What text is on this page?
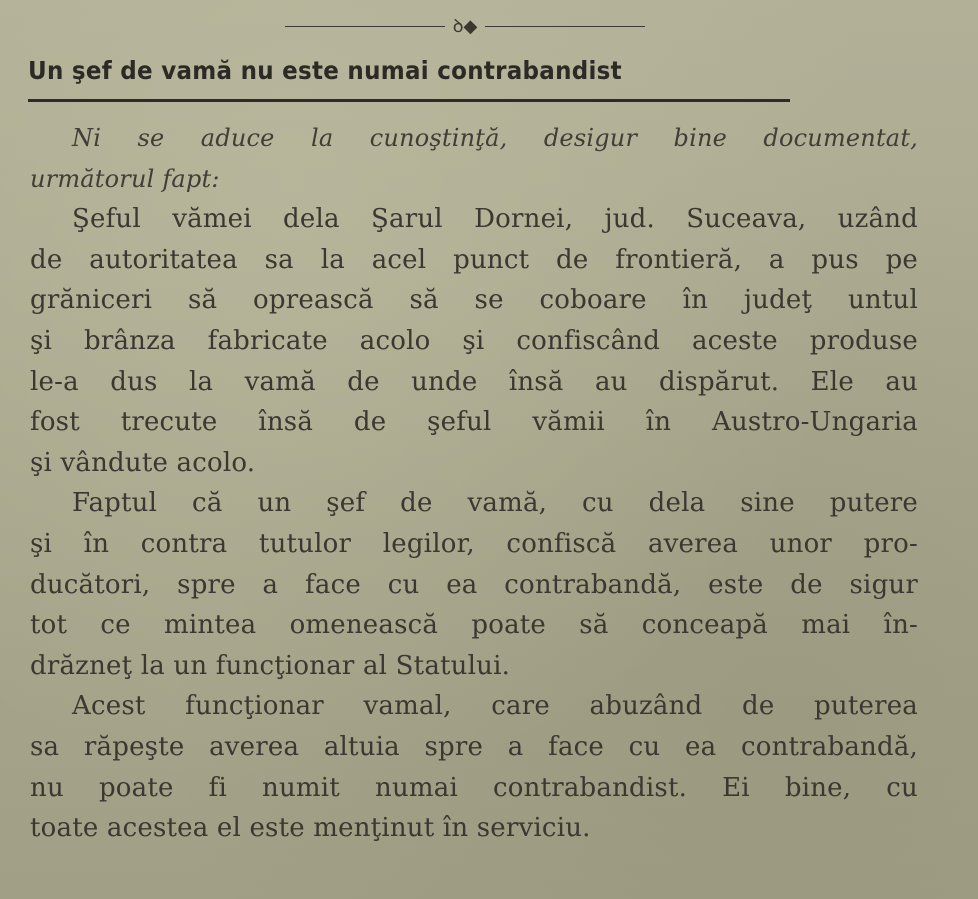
ꝺ◆
Un şef de vamă nu este numai contrabandist
Ni se aduce la cunoştinţă, desigur bine documentat,
următorul fapt:
Şeful vămei dela Şarul Dornei, jud. Suceava, uzând
de autoritatea sa la acel punct de frontieră, a pus pe
grăniceri să oprească să se coboare în judeţ untul
şi brânza fabricate acolo şi confiscând aceste produse
le-a dus la vamă de unde însă au dispărut. Ele au
fost trecute însă de şeful vămii în Austro-Ungaria
şi vândute acolo.
Faptul că un şef de vamă, cu dela sine putere
şi în contra tutulor legilor, confiscă averea unor pro-
ducători, spre a face cu ea contrabandă, este de sigur
tot ce mintea omenească poate să conceapă mai în-
drăzneţ la un funcţionar al Statului.
Acest funcţionar vamal, care abuzând de puterea
sa răpeşte averea altuia spre a face cu ea contrabandă,
nu poate fi numit numai contrabandist. Ei bine, cu
toate acestea el este menţinut în serviciu.
